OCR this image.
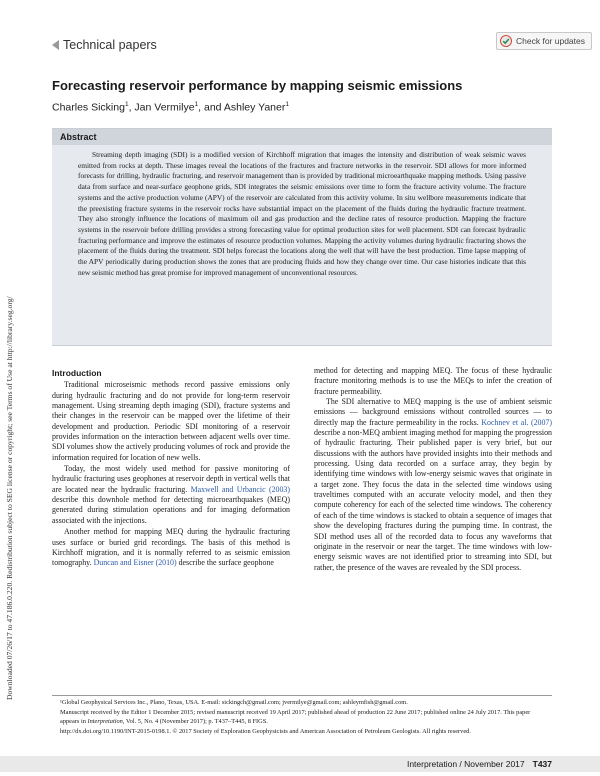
Downloaded 07/26/17 to 47.186.0.220. Redistribution subject to SEG license or copyright; see Terms of Use at http://library.seg.org/
Technical papers	Check for updates
Forecasting reservoir performance by mapping seismic emissions
Charles Sicking$^1$, Jan Vermilye$^1$, and Ashley Yaner$^1$
Abstract

Streaming depth imaging (SDI) is a modified version of Kirchhoff migration that images the intensity and distribution of weak seismic waves emitted from rocks at depth. These images reveal the locations of the fractures and fracture networks in the reservoir. SDI allows for more informed forecasts for drilling, hydraulic fracturing, and reservoir management than is provided by traditional microearthquake mapping methods. Using passive data from surface and near-surface geophone grids, SDI integrates the seismic emissions over time to form the fracture activity volume. The fracture systems and the active production volume (APV) of the reservoir are calculated from this activity volume. In situ wellbore measurements indicate that the preexisting fracture systems in the reservoir rocks have substantial impact on the placement of the fluids during the hydraulic fracture treatment. They also strongly influence the locations of maximum oil and gas production and the decline rates of resource production. Mapping the fracture systems in the reservoir before drilling provides a strong forecasting value for optimal production sites for well placement. SDI can forecast hydraulic fracturing performance and improve the estimates of resource production volumes. Mapping the activity volumes during hydraulic fracturing shows the placement of the fluids during the treatment. SDI helps forecast the locations along the well that will have the best production. Time lapse mapping of the APV periodically during production shows the zones that are producing fluids and how they change over time. Our case histories indicate that this new seismic method has great promise for improved management of unconventional resources.

Introduction

Traditional microseismic methods record passive emissions only during hydraulic fracturing and do not provide for long-term reservoir management. Using streaming depth imaging (SDI), fracture systems and their changes in the reservoir can be mapped over the lifetime of their development and production. Periodic SDI monitoring of a reservoir provides information on the interaction between adjacent wells over time. SDI volumes show the actively producing volumes of rock and provide the information required for location of new wells.

Today, the most widely used method for passive monitoring of hydraulic fracturing uses geophones at reservoir depth in vertical wells that are located near the hydraulic fracturing. Maxwell and Urbancic (2003) describe this downhole method for detecting microearthquakes (MEQ) generated during stimulation operations and for imaging deformation associated with the injections.

Another method for mapping MEQ during the hydraulic fracturing uses surface or buried grid recordings. The basis of this method is Kirchhoff migration, and it is normally referred to as seismic emission tomography. Duncan and Eisner (2010) describe the surface geophone

method for detecting and mapping MEQ. The focus of these hydraulic fracture monitoring methods is to use the MEQs to infer the creation of fracture permeability.

The SDI alternative to MEQ mapping is the use of ambient seismic emissions — background emissions without controlled sources — to directly map the fracture permeability in the rocks. Kochnev et al. (2007) describe a non-MEQ ambient imaging method for mapping the progression of hydraulic fracturing. Their published paper is very brief, but our discussions with the authors have provided insights into their methods and processing. Using data recorded on a surface array, they begin by identifying time windows with low-energy seismic waves that originate in a target zone. They focus the data in the selected time windows using traveltimes computed with an accurate velocity model, and then they compute coherency for each of the selected time windows. The coherency of each of the time windows is stacked to obtain a sequence of images that show the developing fractures during the pumping time. In contrast, the SDI method uses all of the recorded data to focus any waveforms that originate in the reservoir or near the target. The time windows with low-energy seismic waves are not identified prior to streaming into SDI, but rather, the presence of the waves are revealed by the SDI process.

¹Global Geophysical Services Inc., Plano, Texas, USA. E-mail: sickingch@gmail.com; jvermilye@gmail.com; ashleymfish@gmail.com.

Manuscript received by the Editor 1 December 2015; revised manuscript received 19 April 2017; published ahead of production 22 June 2017; published online 24 July 2017. This paper appears in Interpretation, Vol. 5, No. 4 (November 2017); p. T437–T445, 8 FIGS.

http://dx.doi.org/10.1190/INT-2015-0198.1. © 2017 Society of Exploration Geophysicists and American Association of Petroleum Geologists. All rights reserved.

Interpretation / November 2017 T437
